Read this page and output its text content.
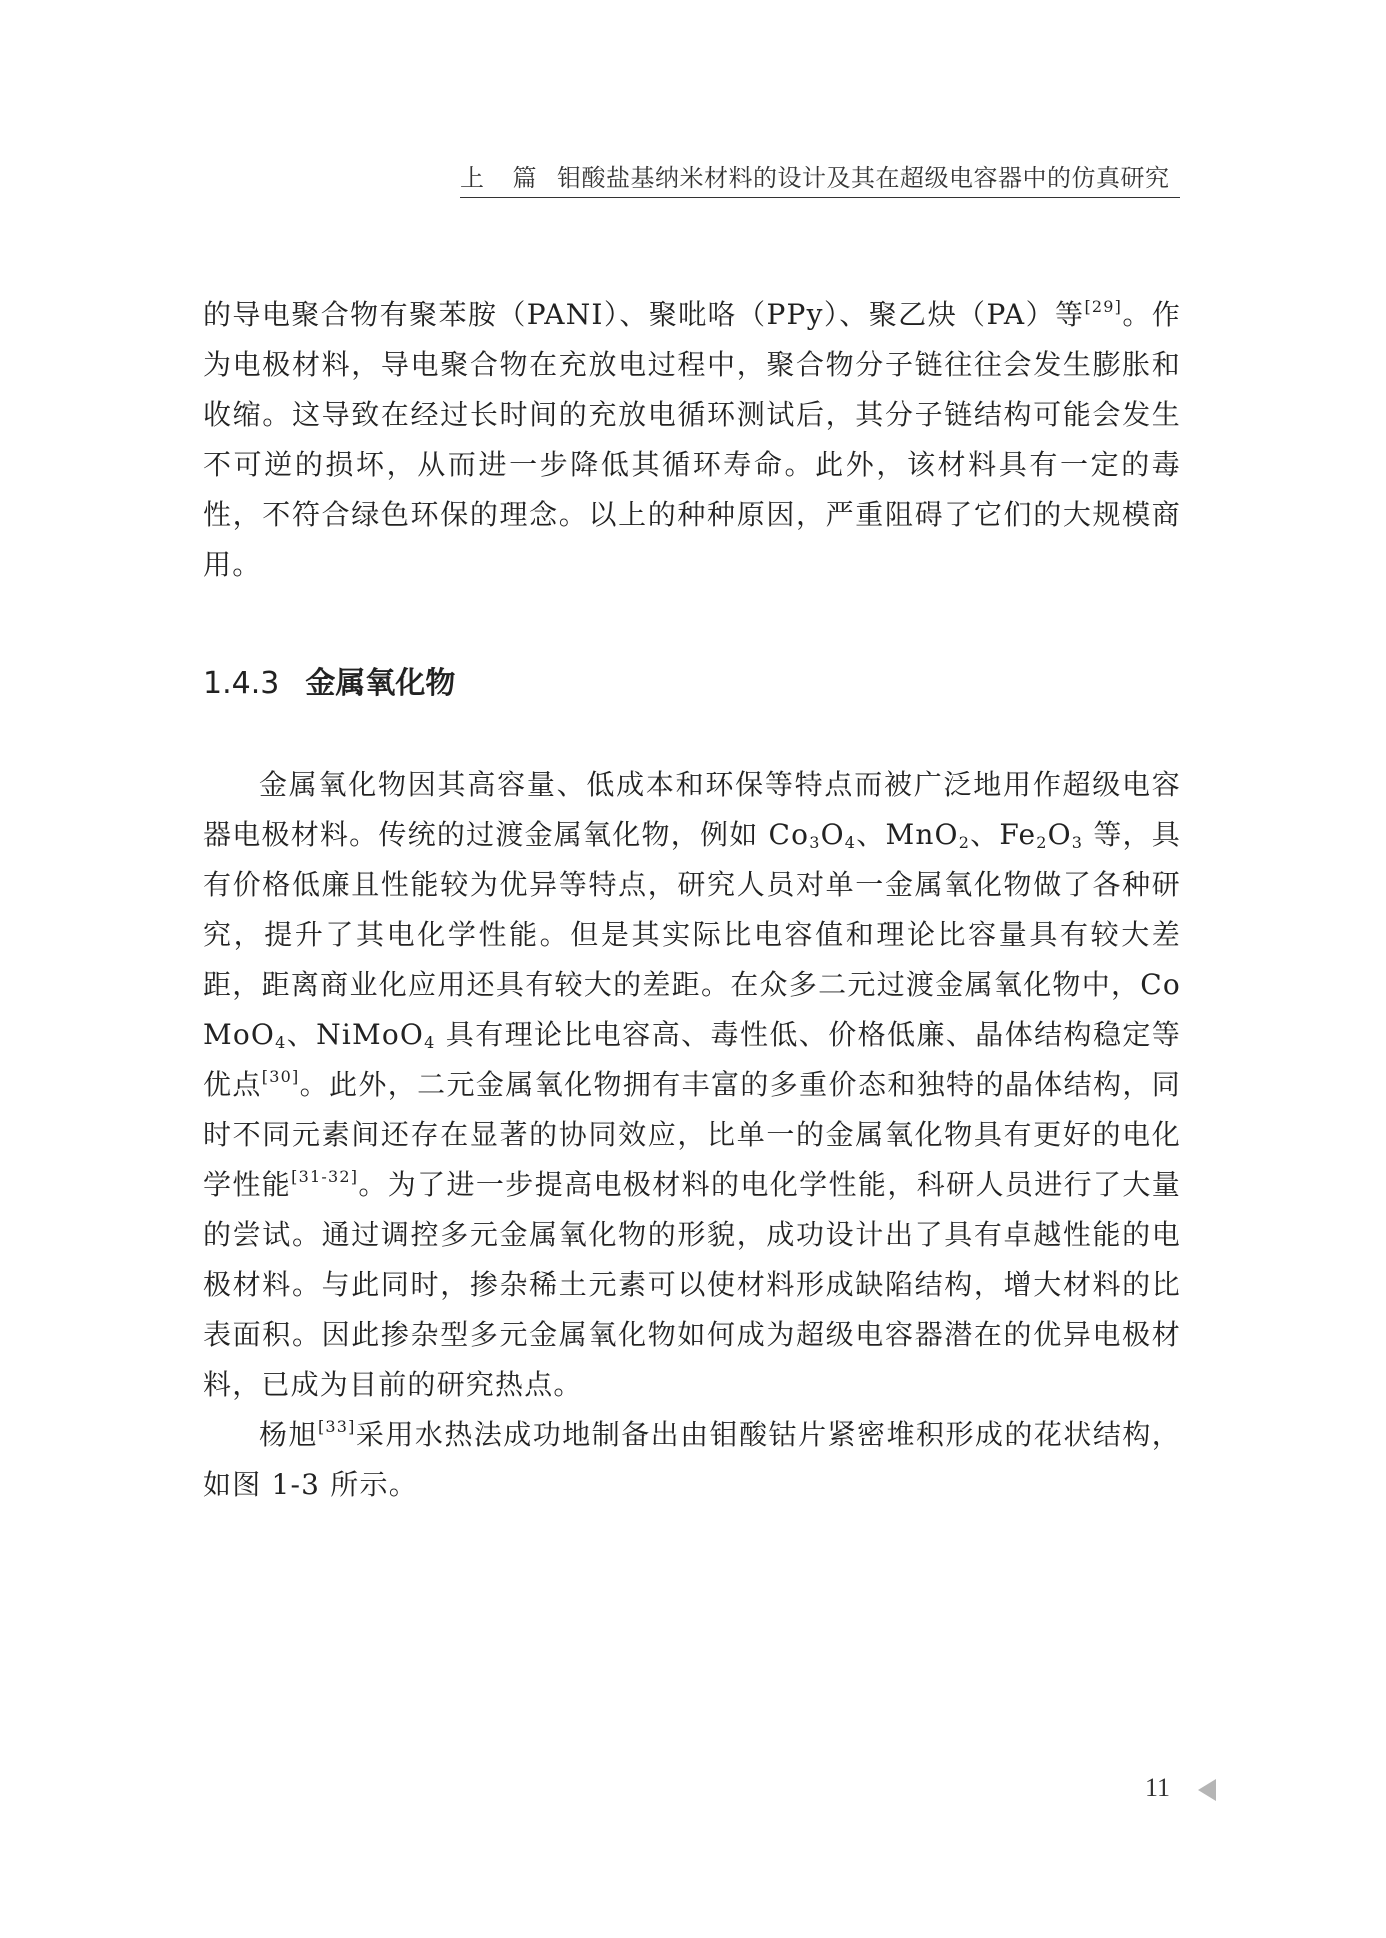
上 篇 钼酸盐基纳米材料的设计及其在超级电容器中的仿真研究

的导电聚合物有聚苯胺（PANI）、聚吡咯（PPy）、聚乙炔（PA）等[29]。作为电极材料，导电聚合物在充放电过程中，聚合物分子链往往会发生膨胀和收缩。这导致在经过长时间的充放电循环测试后，其分子链结构可能会发生不可逆的损坏，从而进一步降低其循环寿命。此外，该材料具有一定的毒性，不符合绿色环保的理念。以上的种种原因，严重阻碍了它们的大规模商用。

1.4.3 金属氧化物

金属氧化物因其高容量、低成本和环保等特点而被广泛地用作超级电容器电极材料。传统的过渡金属氧化物，例如 $Co_3O_4$、MnO$_2$、$Fe_2O_3$ 等，具有价格低廉且性能较为优异等特点，研究人员对单一金属氧化物做了各种研究，提升了其电化学性能。但是其实际比电容值和理论比容量具有较大差距，距离商业化应用还具有较大的差距。在众多二元过渡金属氧化物中，CoMoO$_4$、NiMoO$_4$ 具有理论比电容高、毒性低、价格低廉、晶体结构稳定等优点[30]。此外，二元金属氧化物拥有丰富的多重价态和独特的晶体结构，同时不同元素间还存在显著的协同效应，比单一的金属氧化物具有更好的电化学性能[31-32]。为了进一步提高电极材料的电化学性能，科研人员进行了大量的尝试。通过调控多元金属氧化物的形貌，成功设计出了具有卓越性能的电极材料。与此同时，掺杂稀土元素可以使材料形成缺陷结构，增大材料的比表面积。因此掺杂型多元金属氧化物如何成为超级电容器潜在的优异电极材料，已成为目前的研究热点。

杨旭[33]采用水热法成功地制备出由钼酸钴片紧密堆积形成的花状结构，如图 1-3 所示。

11
